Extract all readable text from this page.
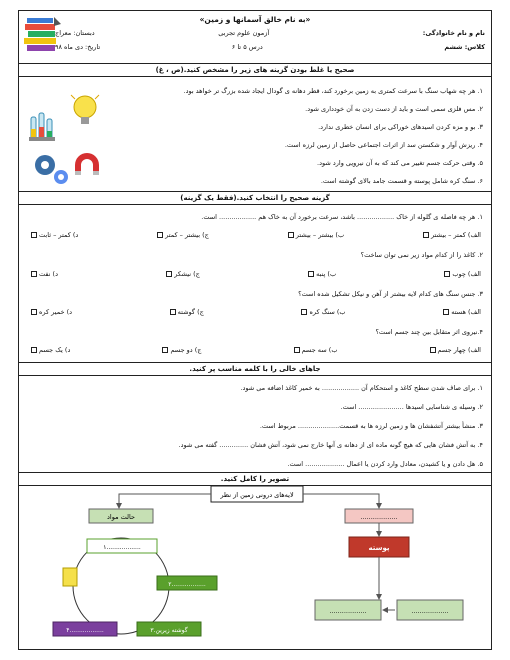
«به نام خالق آسمانها و زمین»
نام و نام خانوادگی:
آزمون علوم تجربی
دبستان: معراج
کلاس: ششم
درس ۵ تا ۶
تاریخ: دی ماه ۹۸
صحیح یا غلط بودن گزینه های زیر را مشخص کنید.(ص ، غ)
۱. هر چه شهاب سنگ با سرعت کمتری به زمین برخورد کند، قطر دهانه ی گودال ایجاد شده بزرگ تر خواهد بود.
۲. مس فلزی سمی است و باید از دست زدن به آن خودداری شود.
۳. بو و مزه کردن اسیدهای خوراکی برای انسان خطری ندارد.
۴. ریزش آوار و شکستن سد از اثرات اجتماعی حاصل از زمین لرزه است.
۵. وقتی حرکت جسم تغییر می کند که به آن نیرویی وارد شود.
۶. سنگ کره شامل پوسته و قسمت جامد بالای گوشته است.
گزینه صحیح را انتخاب کنید.(فقط یک گزینه)
۱. هر چه فاصله ی گلوله از خاک .................. باشد، سرعت برخورد آن به خاک هم .................. است.
الف) کمتر – بیشتر
ب) بیشتر – بیشتر
ج) بیشتر – کمتر
د) کمتر – ثابت
۲. کاغذ را از کدام مواد زیر نمی توان ساخت؟
الف) چوب
ب) پنبه
ج) نیشکر
د) نفت
۳. جنس سنگ های کدام لایه بیشتر از آهن و نیکل تشکیل شده است؟
الف) هسته
ب) سنگ کره
ج) گوشته
د) خمیر کره
۴.نیروی اثر متقابل بین چند جسم است؟
الف) چهار جسم
ب) سه جسم
ج) دو جسم
د) یک جسم
جاهای خالی را با کلمه مناسب پر کنید.
۱. برای صاف شدن سطح کاغذ و استحکام آن .................. به خمیر کاغذ اضافه می شود.
۲. وسیله ی شناسایی اسیدها ...................... است.
۳. منشأ بیشتر آتشفشان ها و زمین لرزه ها به قسمت.................... مربوط است.
۴. به آتش فشان هایی که هیچ گونه ماده ای از دهانه ی آنها خارج نمی شود، آتش فشان .............. گفته می شود.
۵. هل دادن و یا کشیدن، معادل وارد کردن یا اعمال ................... است.
تصویر را کامل کنید.
لایه‌های درونی زمین از نظر
حالت مواد	..................
پوسته
..................	..................
۱..................
۲..................
۳.گوشته زیرین
۴..................
